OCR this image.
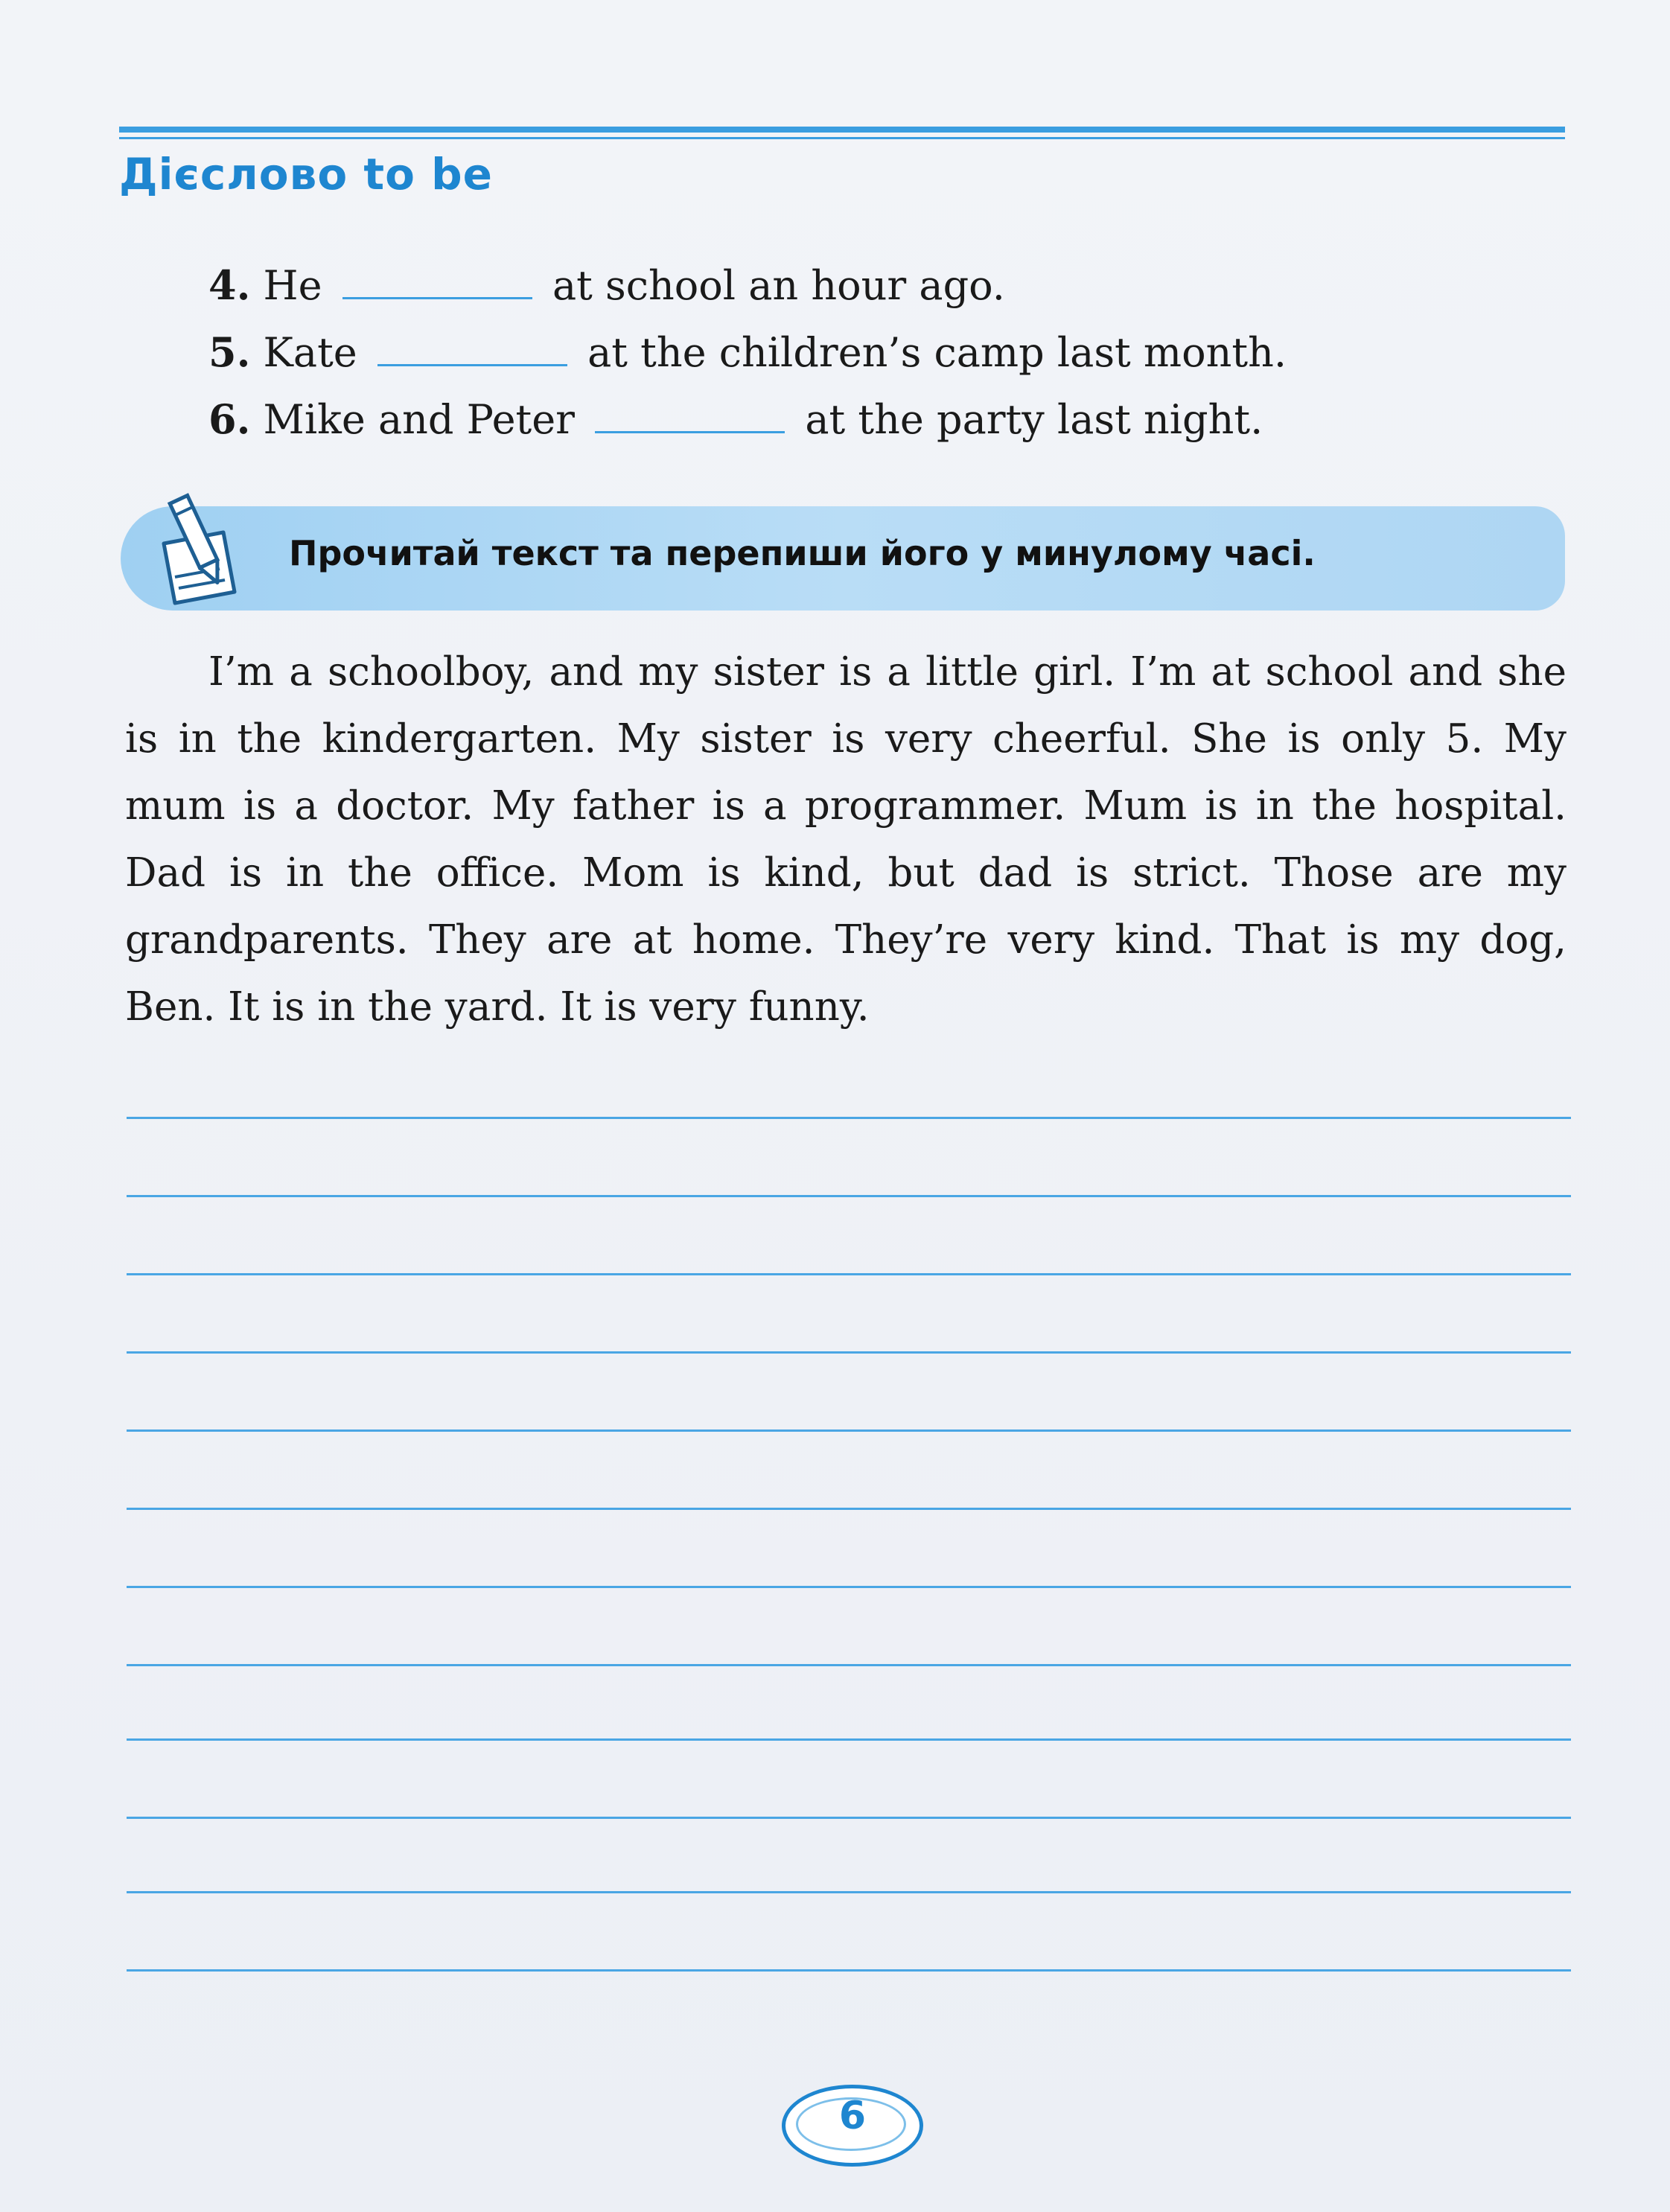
Дієслово to be
4. He	at school an hour ago.
5. Kate	at the children’s camp last month.
6. Mike and Peter	at the party last night.
Прочитай текст та перепиши його у минулому часі.

I’m a schoolboy, and my sister is a little girl. I’m at school and she is in the kindergarten. My sister is very cheerful. She is only 5. My mum is a doctor. My father is a programmer. Mum is in the hospital. Dad is in the office. Mom is kind, but dad is strict. Those are my grandparents. They are at home. They’re very kind. That is my dog, Ben. It is in the yard. It is very funny.

6
